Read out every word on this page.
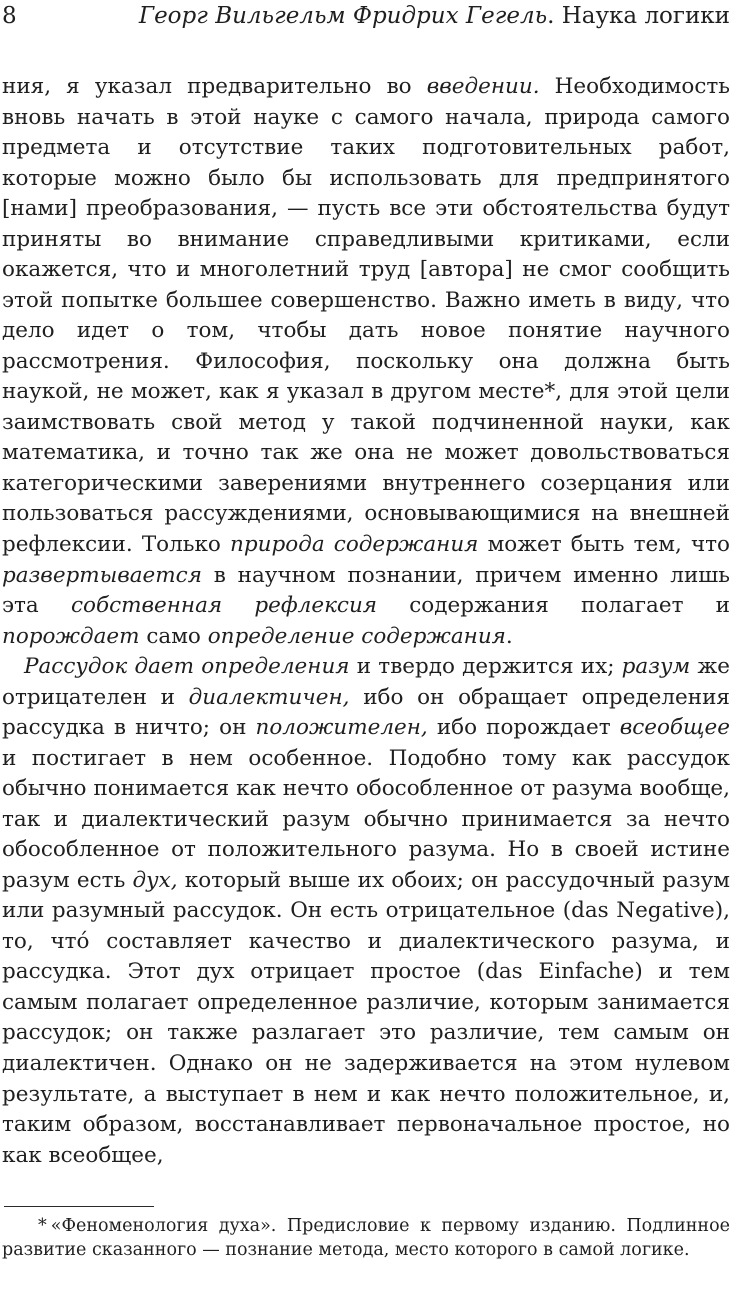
8	Георг Вильгельм Фридрих Гегель. Наука логики

ния, я указал предварительно во введении. Необходимость вновь начать в этой науке с самого начала, природа самого предмета и отсутствие таких подготовительных работ, которые можно было бы использовать для предпринятого [нами] преобразования, — пусть все эти обстоятельства будут приняты во внимание справедливыми критиками, если окажется, что и многолетний труд [автора] не смог сообщить этой попытке большее совершенство. Важно иметь в виду, что дело идет о том, чтобы дать новое понятие научного рассмотрения. Философия, поскольку она должна быть наукой, не может, как я указал в другом месте*, для этой цели заимствовать свой метод у такой подчиненной науки, как математика, и точно так же она не может довольствоваться категорическими заверениями внутреннего созерцания или пользоваться рассуждениями, основывающимися на внешней рефлексии. Только природа содержания может быть тем, что развертывается в научном познании, причем именно лишь эта собственная рефлексия содержания полагает и порождает само определение содержания.

Рассудок дает определения и твердо держится их; разум же отрицателен и диалектичен, ибо он обращает определения рассудка в ничто; он положителен, ибо порождает всеобщее и постигает в нем особенное. Подобно тому как рассудок обычно понимается как нечто обособленное от разума вообще, так и диалектический разум обычно принимается за нечто обособленное от положительного разума. Но в своей истине разум есть дух, который выше их обоих; он рассудочный разум или разумный рассудок. Он есть отрицательное (das Negative), то, чтó составляет качество и диалектического разума, и рассудка. Этот дух отрицает простое (das Einfache) и тем самым полагает определенное различие, которым занимается рассудок; он также разлагает это различие, тем самым он диалектичен. Однако он не задерживается на этом нулевом результате, а выступает в нем и как нечто положительное, и, таким образом, восстанавливает первоначальное простое, но как всеобщее,

* «Феноменология духа». Предисловие к первому изданию. Подлинное развитие сказанного — познание метода, место которого в самой логике.
